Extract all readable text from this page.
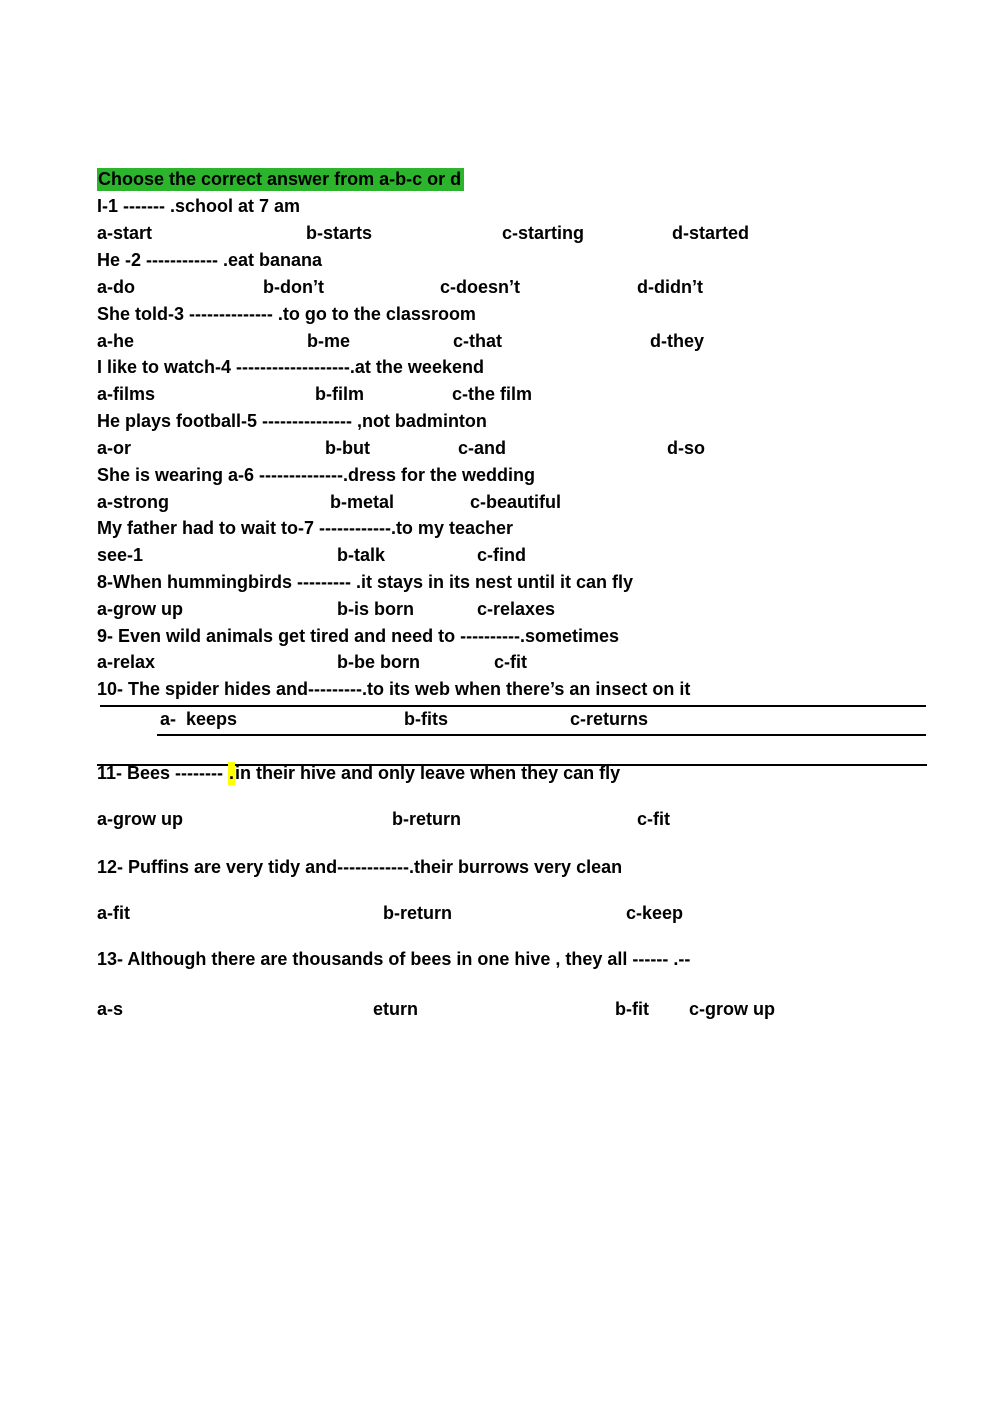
Choose the correct answer from a-b-c or d
I-1 ------- .school at 7 am
a-start	b-starts	c-starting	d-started
He -2 ------------ .eat banana
a-do	b-don’t	c-doesn’t	d-didn’t
She told-3 -------------- .to go to the classroom
a-he	b-me	c-that	d-they
I like to watch-4 -------------------.at the weekend
a-films	b-film	c-the film
He plays football-5 --------------- ,not badminton
a-or	b-but	c-and	d-so
She is wearing a-6 --------------.dress for the wedding
a-strong	b-metal	c-beautiful
My father had to wait to-7 ------------.to my teacher
see-1	b-talk	c-find
8-When hummingbirds --------- .it stays in its nest until it can fly
a-grow up	b-is born	c-relaxes
9- Even wild animals get tired and need to ----------.sometimes
a-relax	b-be born	c-fit
10- The spider hides and---------.to its web when there’s an insect on it
a-  keeps	b-fits	c-returns
11- Bees -------- .in their hive and only leave when they can fly
a-grow up	b-return	c-fit
12- Puffins are very tidy and------------.their burrows very clean
a-fit	b-return	c-keep
13- Although there are thousands of bees in one hive , they all ------ .--
a-s	eturn	b-fit c-grow up
